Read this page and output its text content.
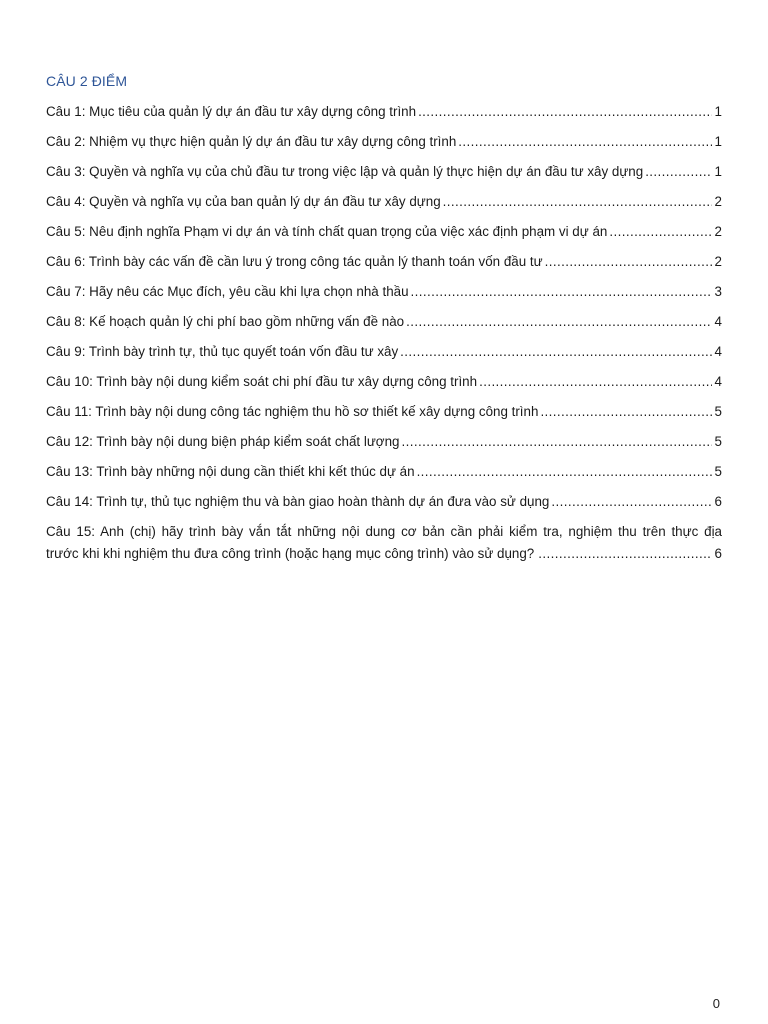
CÂU 2 ĐIỂM
Câu 1: Mục tiêu của quản lý dự án đầu tư xây dựng công trình .....	1
Câu 2: Nhiệm vụ thực hiện quản lý dự án đầu tư xây dựng công trình .....	1
Câu 3: Quyền và nghĩa vụ của chủ đầu tư trong việc lập và quản lý thực hiện dự án đầu tư xây dựng .....	1
Câu 4: Quyền và nghĩa vụ của ban quản lý dự án đầu tư xây dựng .....	2
Câu 5: Nêu định nghĩa Phạm vi dự án và tính chất quan trọng của việc xác định phạm vi dự án .....	2
Câu 6: Trình bày các vấn đề cần lưu ý trong công tác quản lý thanh toán vốn đầu tư .....	2
Câu 7: Hãy nêu các Mục đích, yêu cầu khi lựa chọn nhà thầu .....	3
Câu 8: Kế hoạch quản lý chi phí bao gồm những vấn đề nào .....	4
Câu 9: Trình bày trình tự, thủ tục quyết toán vốn đầu tư xây .....	4
Câu 10: Trình bày nội dung kiểm soát chi phí đầu tư xây dựng công trình .....	4
Câu 11: Trình bày nội dung công tác nghiệm thu hồ sơ thiết kế xây dựng công trình .....	5
Câu 12: Trình bày nội dung biện pháp kiểm soát chất lượng .....	5
Câu 13: Trình bày những nội dung cần thiết khi kết thúc dự án .....	5
Câu 14: Trình tự, thủ tục nghiệm thu và bàn giao hoàn thành dự án đưa vào sử dụng .....	6
Câu 15: Anh (chị) hãy trình bày vắn tắt những nội dung cơ bản cần phải kiểm tra, nghiệm thu trên thực địa
trước khi khi nghiệm thu đưa công trình (hoặc hạng mục công trình) vào sử dụng? .....	6
0
